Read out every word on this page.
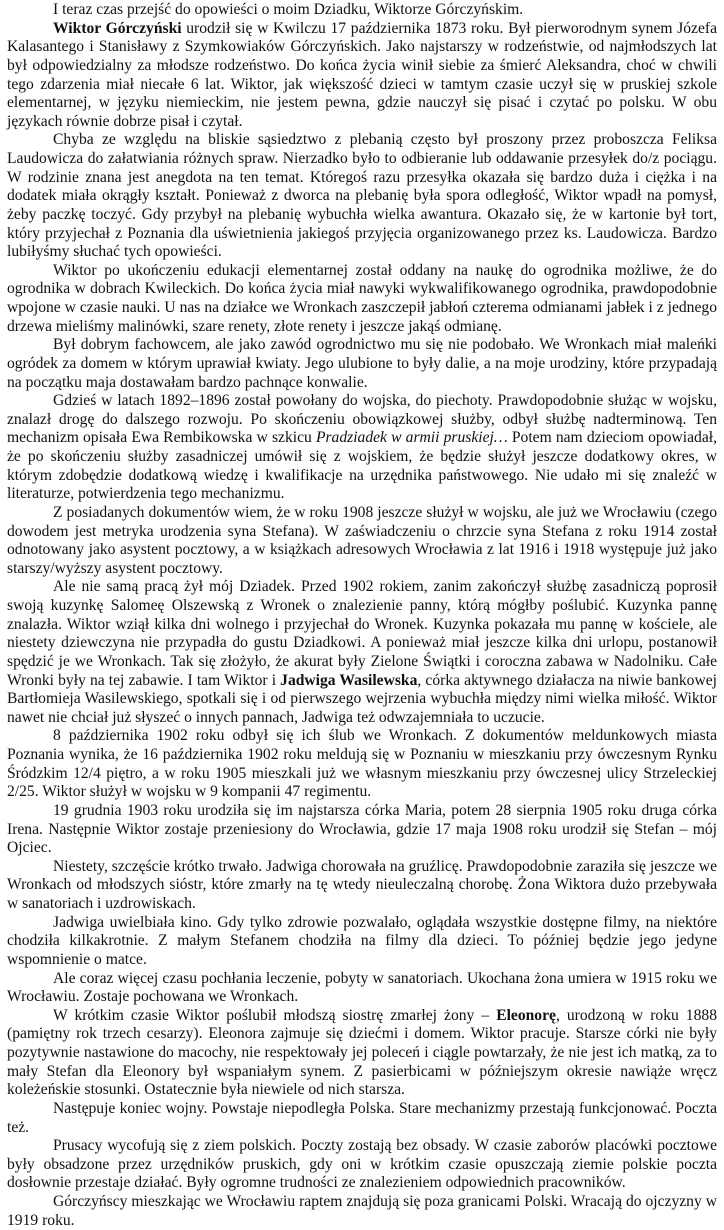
I teraz czas przejść do opowieści o moim Dziadku, Wiktorze Górczyńskim.

Wiktor Górczyński urodził się w Kwilczu 17 października 1873 roku. Był pierworodnym synem Józefa Kalasantego i Stanisławy z Szymkowiaków Górczyńskich. Jako najstarszy w rodzeństwie, od najmłodszych lat był odpowiedzialny za młodsze rodzeństwo. Do końca życia winił siebie za śmierć Aleksandra, choć w chwili tego zdarzenia miał niecałe 6 lat. Wiktor, jak większość dzieci w tamtym czasie uczył się w pruskiej szkole elementarnej, w języku niemieckim, nie jestem pewna, gdzie nauczył się pisać i czytać po polsku. W obu językach równie dobrze pisał i czytał.

Chyba ze względu na bliskie sąsiedztwo z plebanią często był proszony przez proboszcza Feliksa Laudowicza do załatwiania różnych spraw. Nierzadko było to odbieranie lub oddawanie przesyłek do/z pociągu. W rodzinie znana jest anegdota na ten temat. Któregoś razu przesyłka okazała się bardzo duża i ciężka i na dodatek miała okrągły kształt. Ponieważ z dworca na plebanię była spora odległość, Wiktor wpadł na pomysł, żeby paczkę toczyć. Gdy przybył na plebanię wybuchła wielka awantura. Okazało się, że w kartonie był tort, który przyjechał z Poznania dla uświetnienia jakiegoś przyjęcia organizowanego przez ks. Laudowicza. Bardzo lubiłyśmy słuchać tych opowieści.

Wiktor po ukończeniu edukacji elementarnej został oddany na naukę do ogrodnika możliwe, że do ogrodnika w dobrach Kwileckich. Do końca życia miał nawyki wykwalifikowanego ogrodnika, prawdopodobnie wpojone w czasie nauki. U nas na działce we Wronkach zaszczepił jabłoń czterema odmianami jabłek i z jednego drzewa mieliśmy malinówki, szare renety, złote renety i jeszcze jakąś odmianę.

Był dobrym fachowcem, ale jako zawód ogrodnictwo mu się nie podobało. We Wronkach miał maleńki ogródek za domem w którym uprawiał kwiaty. Jego ulubione to były dalie, a na moje urodziny, które przypadają na początku maja dostawałam bardzo pachnące konwalie.

Gdzieś w latach 1892–1896 został powołany do wojska, do piechoty. Prawdopodobnie służąc w wojsku, znalazł drogę do dalszego rozwoju. Po skończeniu obowiązkowej służby, odbył służbę nadterminową. Ten mechanizm opisała Ewa Rembikowska w szkicu Pradziadek w armii pruskiej… Potem nam dzieciom opowiadał, że po skończeniu służby zasadniczej umówił się z wojskiem, że będzie służył jeszcze dodatkowy okres, w którym zdobędzie dodatkową wiedzę i kwalifikacje na urzędnika państwowego. Nie udało mi się znaleźć w literaturze, potwierdzenia tego mechanizmu.

Z posiadanych dokumentów wiem, że w roku 1908 jeszcze służył w wojsku, ale już we Wrocławiu (czego dowodem jest metryka urodzenia syna Stefana). W zaświadczeniu o chrzcie syna Stefana z roku 1914 został odnotowany jako asystent pocztowy, a w książkach adresowych Wrocławia z lat 1916 i 1918 występuje już jako starszy/wyższy asystent pocztowy.

Ale nie samą pracą żył mój Dziadek. Przed 1902 rokiem, zanim zakończył służbę zasadniczą poprosił swoją kuzynkę Salomeę Olszewską z Wronek o znalezienie panny, którą mógłby poślubić. Kuzynka pannę znalazła. Wiktor wziął kilka dni wolnego i przyjechał do Wronek. Kuzynka pokazała mu pannę w kościele, ale niestety dziewczyna nie przypadła do gustu Dziadkowi. A ponieważ miał jeszcze kilka dni urlopu, postanowił spędzić je we Wronkach. Tak się złożyło, że akurat były Zielone Świątki i coroczna zabawa w Nadolniku. Całe Wronki były na tej zabawie. I tam Wiktor i Jadwiga Wasilewska, córka aktywnego działacza na niwie bankowej Bartłomieja Wasilewskiego, spotkali się i od pierwszego wejrzenia wybuchła między nimi wielka miłość. Wiktor nawet nie chciał już słyszeć o innych pannach, Jadwiga też odwzajemniała to uczucie.

8 października 1902 roku odbył się ich ślub we Wronkach. Z dokumentów meldunkowych miasta Poznania wynika, że 16 października 1902 roku meldują się w Poznaniu w mieszkaniu przy ówczesnym Rynku Śródzkim 12/4 piętro, a w roku 1905 mieszkali już we własnym mieszkaniu przy ówczesnej ulicy Strzeleckiej 2/25. Wiktor służył w wojsku w 9 kompanii 47 regimentu.

19 grudnia 1903 roku urodziła się im najstarsza córka Maria, potem 28 sierpnia 1905 roku druga córka Irena. Następnie Wiktor zostaje przeniesiony do Wrocławia, gdzie 17 maja 1908 roku urodził się Stefan – mój Ojciec.

Niestety, szczęście krótko trwało. Jadwiga chorowała na gruźlicę. Prawdopodobnie zaraziła się jeszcze we Wronkach od młodszych sióstr, które zmarły na tę wtedy nieuleczalną chorobę. Żona Wiktora dużo przebywała w sanatoriach i uzdrowiskach.

Jadwiga uwielbiała kino. Gdy tylko zdrowie pozwalało, oglądała wszystkie dostępne filmy, na niektóre chodziła kilkakrotnie. Z małym Stefanem chodziła na filmy dla dzieci. To później będzie jego jedyne wspomnienie o matce.

Ale coraz więcej czasu pochłania leczenie, pobyty w sanatoriach. Ukochana żona umiera w 1915 roku we Wrocławiu. Zostaje pochowana we Wronkach.

W krótkim czasie Wiktor poślubił młodszą siostrę zmarłej żony – Eleonorę, urodzoną w roku 1888 (pamiętny rok trzech cesarzy). Eleonora zajmuje się dziećmi i domem. Wiktor pracuje. Starsze córki nie były pozytywnie nastawione do macochy, nie respektowały jej poleceń i ciągle powtarzały, że nie jest ich matką, za to mały Stefan dla Eleonory był wspaniałym synem. Z pasierbicami w późniejszym okresie nawiąże wręcz koleżeńskie stosunki. Ostatecznie była niewiele od nich starsza.

Następuje koniec wojny. Powstaje niepodległa Polska. Stare mechanizmy przestają funkcjonować. Poczta też.

Prusacy wycofują się z ziem polskich. Poczty zostają bez obsady. W czasie zaborów placówki pocztowe były obsadzone przez urzędników pruskich, gdy oni w krótkim czasie opuszczają ziemie polskie poczta dosłownie przestaje działać. Były ogromne trudności ze znalezieniem odpowiednich pracowników.

Górczyńscy mieszkając we Wrocławiu raptem znajdują się poza granicami Polski. Wracają do ojczyzny w 1919 roku.
